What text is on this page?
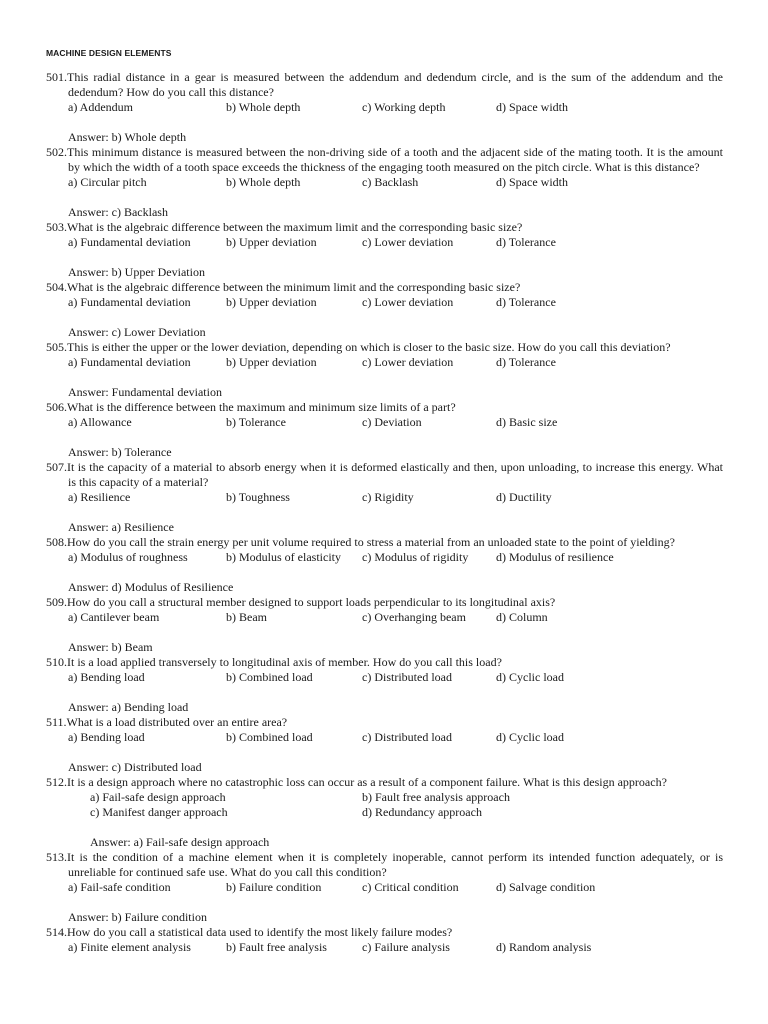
MACHINE DESIGN ELEMENTS
501.This radial distance in a gear is measured between the addendum and dedendum circle, and is the sum of the addendum and the dedendum? How do you call this distance?
a) Addendum	b) Whole depth	c) Working depth	d) Space width
Answer: b) Whole depth
502.This minimum distance is measured between the non-driving side of a tooth and the adjacent side of the mating tooth. It is the amount by which the width of a tooth space exceeds the thickness of the engaging tooth measured on the pitch circle. What is this distance?
a) Circular pitch	b) Whole depth	c) Backlash	d) Space width
Answer: c) Backlash
503.What is the algebraic difference between the maximum limit and the corresponding basic size?
a) Fundamental deviation	b) Upper deviation	c) Lower deviation	d) Tolerance
Answer: b) Upper Deviation
504.What is the algebraic difference between the minimum limit and the corresponding basic size?
a) Fundamental deviation	b) Upper deviation	c) Lower deviation	d) Tolerance
Answer: c) Lower Deviation
505.This is either the upper or the lower deviation, depending on which is closer to the basic size. How do you call this deviation?
a) Fundamental deviation	b) Upper deviation	c) Lower deviation	d) Tolerance
Answer: Fundamental deviation
506.What is the difference between the maximum and minimum size limits of a part?
a) Allowance	b) Tolerance	c) Deviation	d) Basic size
Answer: b) Tolerance
507.It is the capacity of a material to absorb energy when it is deformed elastically and then, upon unloading, to increase this energy. What is this capacity of a material?
a) Resilience	b) Toughness	c) Rigidity	d) Ductility
Answer: a) Resilience
508.How do you call the strain energy per unit volume required to stress a material from an unloaded state to the point of yielding?
a) Modulus of roughness	b) Modulus of elasticity c) Modulus of rigidity d) Modulus of resilience
Answer: d) Modulus of Resilience
509.How do you call a structural member designed to support loads perpendicular to its longitudinal axis?
a) Cantilever beam	b) Beam	c) Overhanging beam	d) Column
Answer: b) Beam
510.It is a load applied transversely to longitudinal axis of member. How do you call this load?
a) Bending load	b) Combined load	c) Distributed load	d) Cyclic load
Answer: a) Bending load
511.What is a load distributed over an entire area?
a) Bending load	b) Combined load	c) Distributed load	d) Cyclic load
Answer: c) Distributed load
512.It is a design approach where no catastrophic loss can occur as a result of a component failure. What is this design approach?
a) Fail-safe design approach	b) Fault free analysis approach
c) Manifest danger approach	d) Redundancy approach
Answer: a) Fail-safe design approach
513.It is the condition of a machine element when it is completely inoperable, cannot perform its intended function adequately, or is unreliable for continued safe use. What do you call this condition?
a) Fail-safe condition	b) Failure condition	c) Critical condition	d) Salvage condition
Answer: b) Failure condition
514.How do you call a statistical data used to identify the most likely failure modes?
a) Finite element analysis	b) Fault free analysis	c) Failure analysis	d) Random analysis
